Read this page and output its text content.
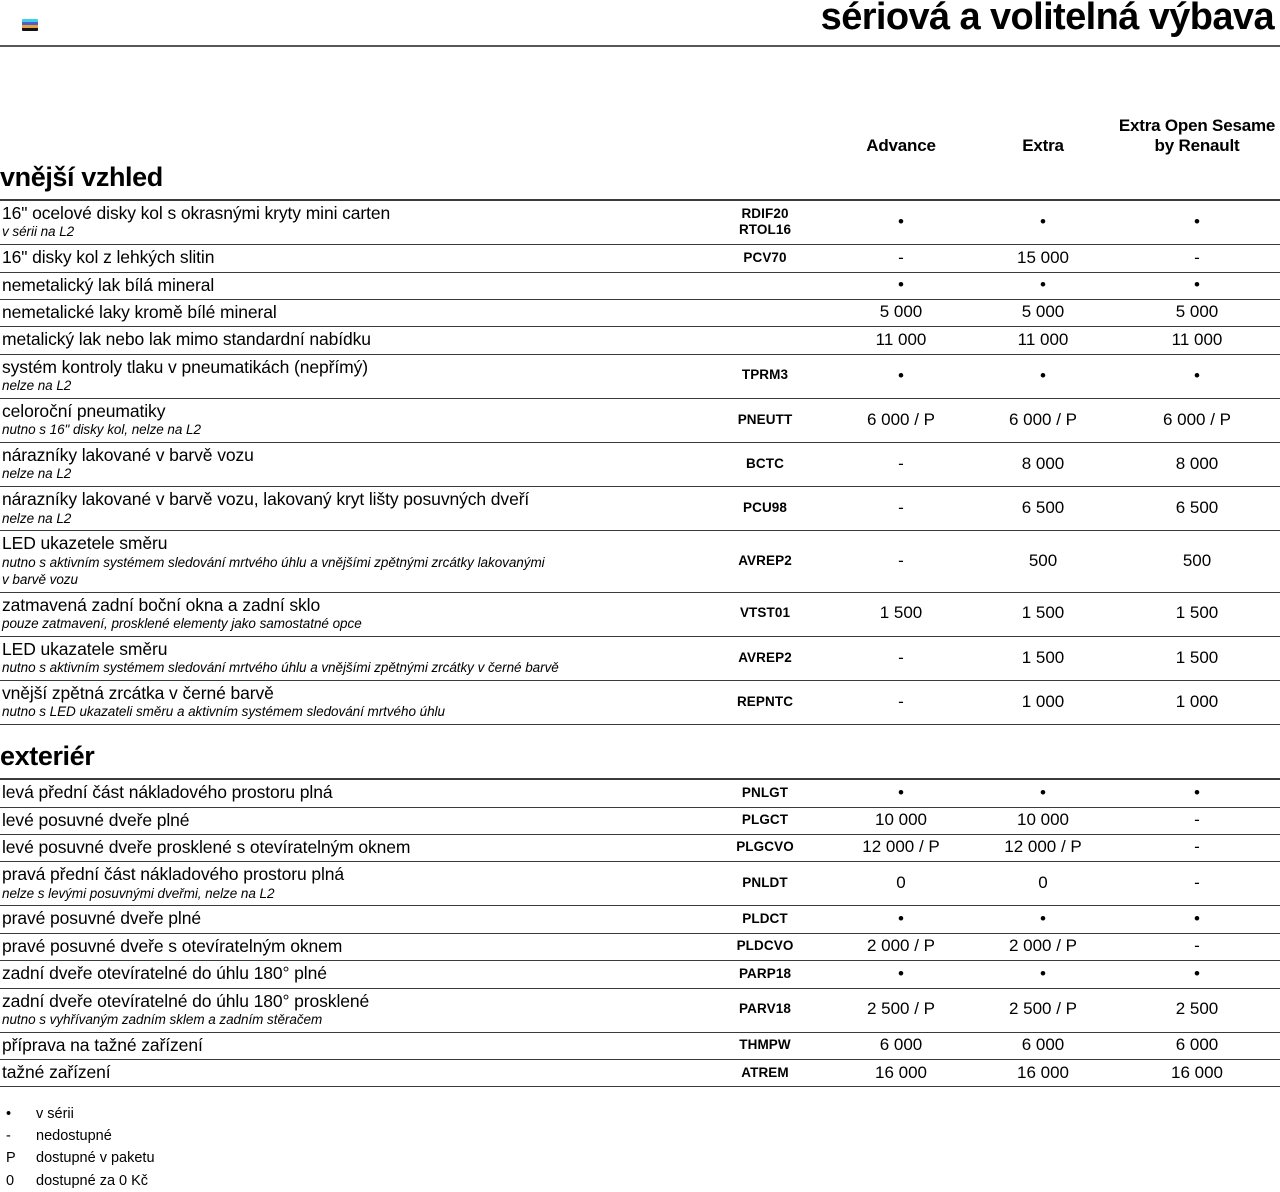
sériová a volitelná výbava
		Advance	Extra	Extra Open Sesame by Renault

vnější vzhled				

16" ocelové disky kol s okrasnými kryty mini carten
v sérii na L2
	RDIF20
RTOL16	•	•	•

16" disky kol z lehkých slitin	PCV70	-	15 000	-

nemetalický lak bílá mineral		•	•	•

nemetalické laky kromě bílé mineral		5 000	5 000	5 000

metalický lak nebo lak mimo standardní nabídku		11 000	11 000	11 000

systém kontroly tlaku v pneumatikách (nepřímý)
nelze na L2	TPRM3	•	•	•

celoroční pneumatiky
nutno s 16" disky kol, nelze na L2	PNEUTT	6 000 / P	6 000 / P	6 000 / P

nárazníky lakované v barvě vozu
nelze na L2	BCTC	-	8 000	8 000

nárazníky lakované v barvě vozu, lakovaný kryt lišty posuvných dveří
nelze na L2	PCU98	-	6 500	6 500

LED ukazetele směru
nutno s aktivním systémem sledování mrtvého úhlu a vnějšími zpětnými zrcátky lakovanými
v barvě vozu	AVREP2	-	500	500

zatmavená zadní boční okna a zadní sklo
pouze zatmavení, prosklené elementy jako samostatné opce	VTST01	1 500	1 500	1 500

LED ukazatele směru
nutno s aktivním systémem sledování mrtvého úhlu a vnějšími zpětnými zrcátky v černé barvě	AVREP2	-	1 500	1 500

vnější zpětná zrcátka v černé barvě
nutno s LED ukazateli směru a aktivním systémem sledování mrtvého úhlu	REPNTC	-	1 000	1 000

exteriér				

levá přední část nákladového prostoru plná	PNLGT	•	•	•

levé posuvné dveře plné	PLGCT	10 000	10 000	-

levé posuvné dveře prosklené s otevíratelným oknem	PLGCVO	12 000 / P	12 000 / P	-

pravá přední část nákladového prostoru plná
nelze s levými posuvnými dveřmi, nelze na L2	PNLDT	0	0	-

pravé posuvné dveře plné	PLDCT	•	•	•

pravé posuvné dveře s otevíratelným oknem	PLDCVO	2 000 / P	2 000 / P	-

zadní dveře otevíratelné do úhlu 180° plné	PARP18	•	•	•

zadní dveře otevíratelné do úhlu 180° prosklené
nutno s vyhřívaným zadním sklem a zadním stěračem	PARV18	2 500 / P	2 500 / P	2 500

příprava na tažné zařízení	THMPW	6 000	6 000	6 000

tažné zařízení	ATREM	16 000	16 000	16 000
•	v sérii
-	nedostupné
P	dostupné v paketu
0	dostupné za 0 Kč
